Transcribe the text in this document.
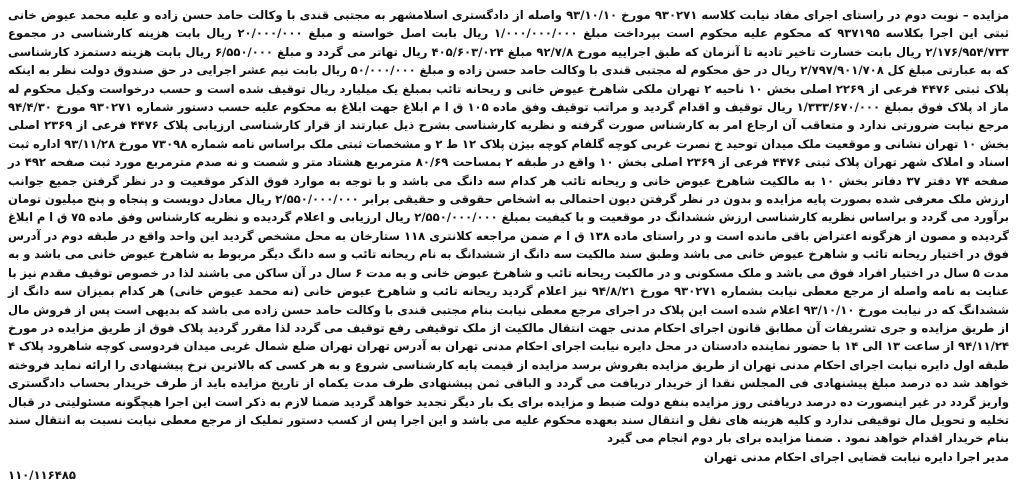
مزایده – نوبت دوم در راستای اجرای مفاد نیابت کلاسه ۹۳۰۲۷۱ مورخ ۹۳/۱۰/۱۰ واصله از دادگستری اسلامشهر به مجتبی قندی با وکالت حامد حسن زاده و علیه محمد عیوض خانی ثبتی این اجرا بکلاسه ۹۳۷۱۹۵ که محکوم علیه محکوم است بپرداخت مبلغ ۱/۰۰۰/۰۰۰/۰۰۰ ریال بابت اصل خواسته و مبلغ ۲۰/۰۰۰/۰۰۰ ریال بابت هزینه کارشناسی در مجموع ۲/۱۷۶/۹۵۴/۷۳۳ ریال بابت خسارت تاخیر تادیه تا آنزمان که طبق اجراییه مورخ ۹۲/۷/۸ مبلغ ۴۰۵/۶۰۳/۰۲۴ ریال تهاتر می گردد و مبلغ ۶/۵۵۰/۰۰۰ ریال بابت هزینه دستمزد کارشناسی که به عبارتی مبلغ کل ۲/۷۹۷/۹۰۱/۷۰۸ ریال در حق محکوم له مجتبی قندی با وکالت حامد حسن زاده و مبلغ ۵۰/۰۰۰/۰۰۰ ریال بابت نیم عشر اجرایی در حق صندوق دولت نظر به اینکه پلاک ثبتی ۴۴۷۶ فرعی از ۲۲۶۹ اصلی بخش ۱۰ ناحیه ۲ تهران ملکی شاهرخ عیوض خانی و ریحانه تائب بمبلغ یک میلیارد ریال توقیف شده است و حسب درخواست وکیل محکوم له ماز اد پلاک فوق بمبلغ ۱/۳۳۳/۶۷۰/۰۰۰ ریال توقیف و اقدام گردید و مراتب توقیف وفق ماده ۱۰۵ ق ا م ابلاغ جهت ابلاغ به محکوم علیه حسب دستور شماره ۹۳۰۲۷۱ مورخ ۹۴/۴/۳۰ مرجع نیابت ضرورتی ندارد و متعاقب آن ارجاع امر به کارشناس صورت گرفته و نظریه کارشناسی بشرح ذیل عبارتند از قرار کارشناسی ارزیابی پلاک ۴۴۷۶ فرعی از ۲۳۶۹ اصلی بخش ۱۰ تهران نشانی و موقعیت ملک میدان توحید خ نصرت غربی کوچه گلفام کوچه بیژن پلاک ۱۲ ط ۲ و مشخصات ثبتی ملک براساس نامه شماره ۷۳۰۹۸ مورخ ۹۳/۱۱/۲۸ اداره ثبت اسناد و املاک شهر تهران پلاک ثبتی ۴۴۷۶ فرعی از ۲۳۶۹ اصلی بخش ۱۰ واقع در طبقه ۲ بمساحت ۸۰/۶۹ مترمربع هشتاد متر و شصت و نه صدم مترمربع مورد ثبت صفحه ۴۹۲ در صفحه ۷۴ دفتر ۳۷ دفاتر بخش ۱۰ به مالکیت شاهرخ عیوض خانی و ریحانه تائب هر کدام سه دانگ می باشد و با توجه به موارد فوق الذکر موقعیت و در نظر گرفتن جمیع جوانب ارزش ملک معرفی شده بصورت پایه مزایده و بدون در نظر گرفتن دیون احتمالی به اشخاص حقوقی و حقیقی برابر ۲/۵۵۰/۰۰۰/۰۰۰ ریال معادل دویست و پنجاه و پنج میلیون تومان برآورد می گردد و براساس نظریه کارشناسی ارزش ششدانگ در موقعیت و با کیفیت بمبلغ ۲/۵۵۰/۰۰۰/۰۰۰ ریال ارزیابی و اعلام گردیده و نظریه کارشناس وفق ماده ۷۵ ق ا م ابلاغ گردیده و مصون از هرگونه اعتراض باقی مانده است و در راستای ماده ۱۳۸ ق ا م ضمن مراجعه کلانتری ۱۱۸ ستارخان به محل مشخص گردید این واحد واقع در طبقه دوم در آدرس فوق در اختیار ریحانه تائب و شاهرخ عیوض خانی می باشد وطبق سند مالکیت سه دانگ از ششدانگ به نام ریحانه تائب و سه دانگ دیگر مربوط به شاهرخ عیوض خانی می باشد و به مدت ۵ سال در اختیار افراد فوق می باشد و ملک مسکونی و در مالکیت ریحانه تائب و شاهرخ عیوض خانی و به مدت ۶ سال در آن ساکن می باشند لذا در خصوص توقیف مقدم نیز با عنایت به نامه واصله از مرجع معطی نیابت بشماره ۹۳۰۲۷۱ مورخ ۹۴/۸/۲۱ نیز اعلام گردید ریحانه تائب و شاهرخ عیوض خانی (نه محمد عیوض خانی) هر کدام بمیزان سه دانگ از ششدانگ که در نیابت مورخ ۹۳/۱۰/۱۰ اعلام شده است این پلاک در اجرای مرجع معطی نیابت بنام مجتبی قندی با وکالت حامد حسن زاده می باشد که بدیهی است پس از فروش مال از طریق مزایده و جری تشریفات آن مطابق قانون اجرای احکام مدنی جهت انتقال مالکیت از ملک توقیفی رفع توقیف می گردد لذا مقرر گردید پلاک فوق از طریق مزایده در مورخ ۹۴/۱۱/۲۴ از ساعت ۱۳ الی ۱۴ با حضور نماینده دادستان در محل دایره نیابت اجرای احکام مدنی تهران به آدرس تهران تهران ضلع شمال غربی میدان فردوسی کوچه شاهرود پلاک ۴ طبقه اول دایره نیابت اجرای احکام مدنی تهران از طریق مزایده بفروش برسد مزایده از قیمت پایه کارشناسی شروع و به هر کسی که بالاترین نرخ پیشنهادی را ارائه نماید فروخته خواهد شد ده درصد مبلغ پیشنهادی فی المجلس نقدا از خریدار دریافت می گردد و الباقی ثمن پیشنهادی ظرف مدت یکماه از تاریخ مزایده باید از طرف خریدار بحساب دادگستری واریز گردد در غیر اینصورت ده درصد دریافتی روز مزایده بنفع دولت ضبط و مزایده برای یک بار دیگر تجدید خواهد گردید ضمنا لازم به ذکر است این اجرا هیچگونه مسئولیتی در قبال تخلیه و تحویل مال توقیفی ندارد و کلیه هزینه های نقل و انتقال سند بعهده محکوم علیه می باشد و این اجرا پس از کسب دستور تملیک از مرجع معطی نیابت نسبت به انتقال سند بنام خریدار اقدام خواهد نمود . ضمنا مزایده برای بار دوم انجام می گیرد

مدیر اجرا دایره نیابت قضایی اجرای احکام مدنی تهران
۱۱۰/۱۱۶۴۸۵
